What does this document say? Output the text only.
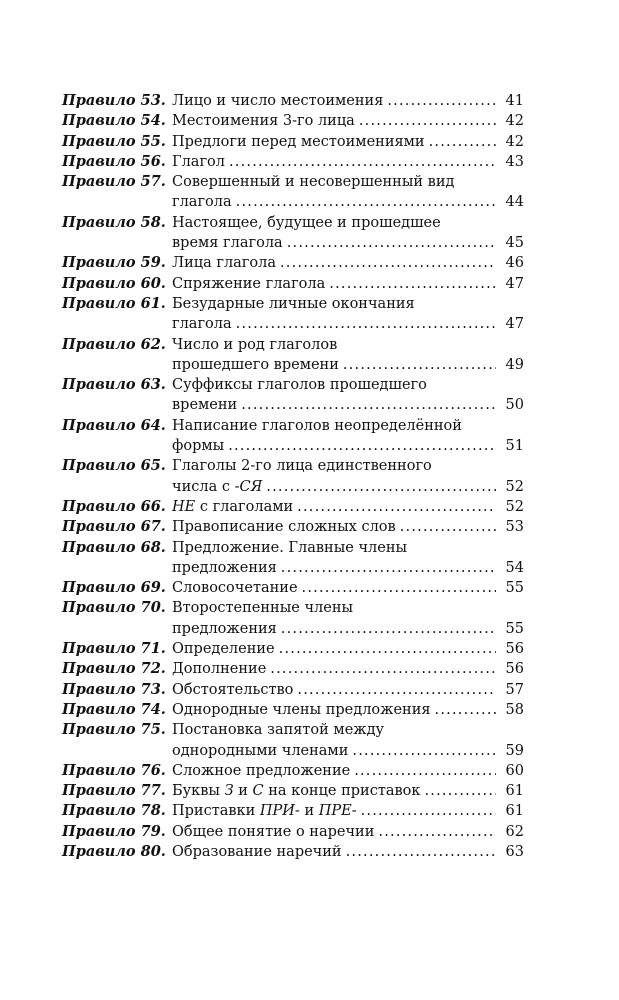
Правило 53. Лицо и число местоимения .....	41
Правило 54. Местоимения 3-го лица .....	42
Правило 55. Предлоги перед местоимениями .....	42
Правило 56. Глагол .....	43
Правило 57. Совершенный и несовершенный вид
глагола .....	44
Правило 58. Настоящее, будущее и прошедшее
время глагола .....	45
Правило 59. Лица глагола .....	46
Правило 60. Спряжение глагола .....	47
Правило 61. Безударные личные окончания
глагола .....	47
Правило 62. Число и род глаголов
прошедшего времени .....	49
Правило 63. Суффиксы глаголов прошедшего
времени .....	50
Правило 64. Написание глаголов неопределённой
формы .....	51
Правило 65. Глаголы 2-го лица единственного
числа с -СЯ .....	52
Правило 66. НЕ с глаголами .....	52
Правило 67. Правописание сложных слов .....	53
Правило 68. Предложение. Главные члены
предложения .....	54
Правило 69. Словосочетание .....	55
Правило 70. Второстепенные члены
предложения .....	55
Правило 71. Определение .....	56
Правило 72. Дополнение .....	56
Правило 73. Обстоятельство .....	57
Правило 74. Однородные члены предложения .....	58
Правило 75. Постановка запятой между
однородными членами .....	59
Правило 76. Сложное предложение .....	60
Правило 77. Буквы З и С на конце приставок .....	61
Правило 78. Приставки ПРИ- и ПРЕ- .....	61
Правило 79. Общее понятие о наречии .....	62
Правило 80. Образование наречий .....	63
